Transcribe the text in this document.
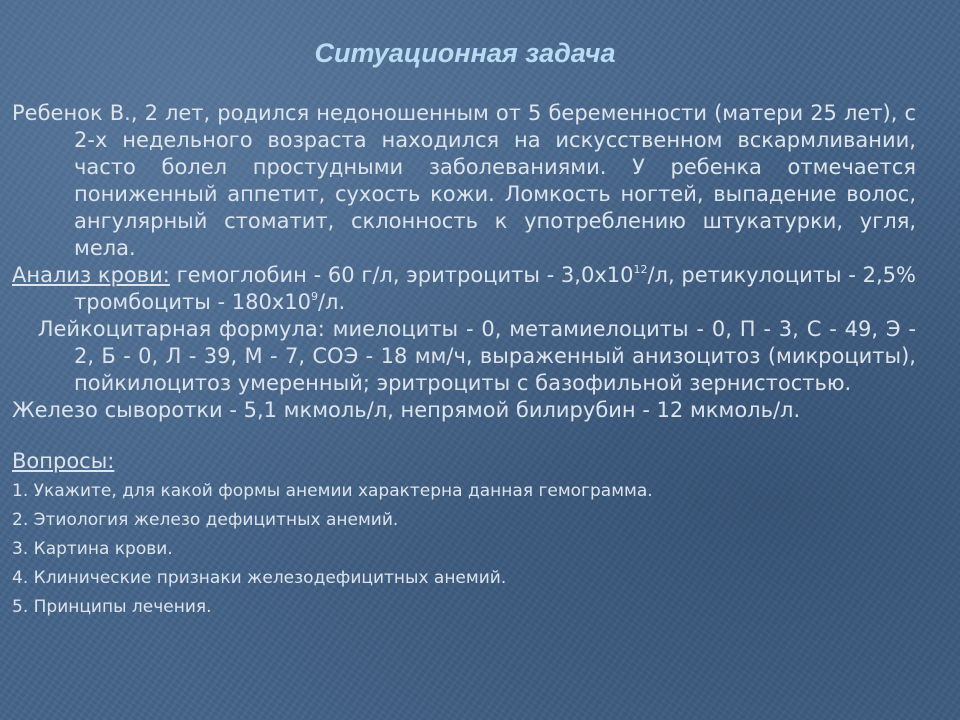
Ситуационная задача

Ребенок В., 2 лет, родился недоношенным от 5 беременности (матери 25 лет), с 2-х недельного возраста находился на искусственном вскармливании, часто болел простудными заболеваниями. У ребенка отмечается пониженный аппетит, сухость кожи. Ломкость ногтей, выпадение волос, ангулярный стоматит, склонность к употреблению штукатурки, угля, мела.

Анализ крови: гемоглобин - 60 г/л, эритроциты - $3,0х10^{12}/л$, ретикулоциты - 2,5% тромбоциты - $180х10^9/л$.

Лейкоцитарная формула: миелоциты - 0, метамиелоциты - 0, П - 3, С - 49, Э - 2, Б - 0, Л - 39, М - 7, СОЭ - 18 мм/ч, выраженный анизоцитоз (микроциты), пойкилоцитоз умеренный; эритроциты с базофильной зернистостью.

Железо сыворотки - 5,1 мкмоль/л, непрямой билирубин - 12 мкмоль/л.

Вопросы:
1. Укажите, для какой формы анемии характерна данная гемограмма.
2. Этиология железо дефицитных анемий.
3. Картина крови.
4. Клинические признаки железодефицитных анемий.
5. Принципы лечения.
